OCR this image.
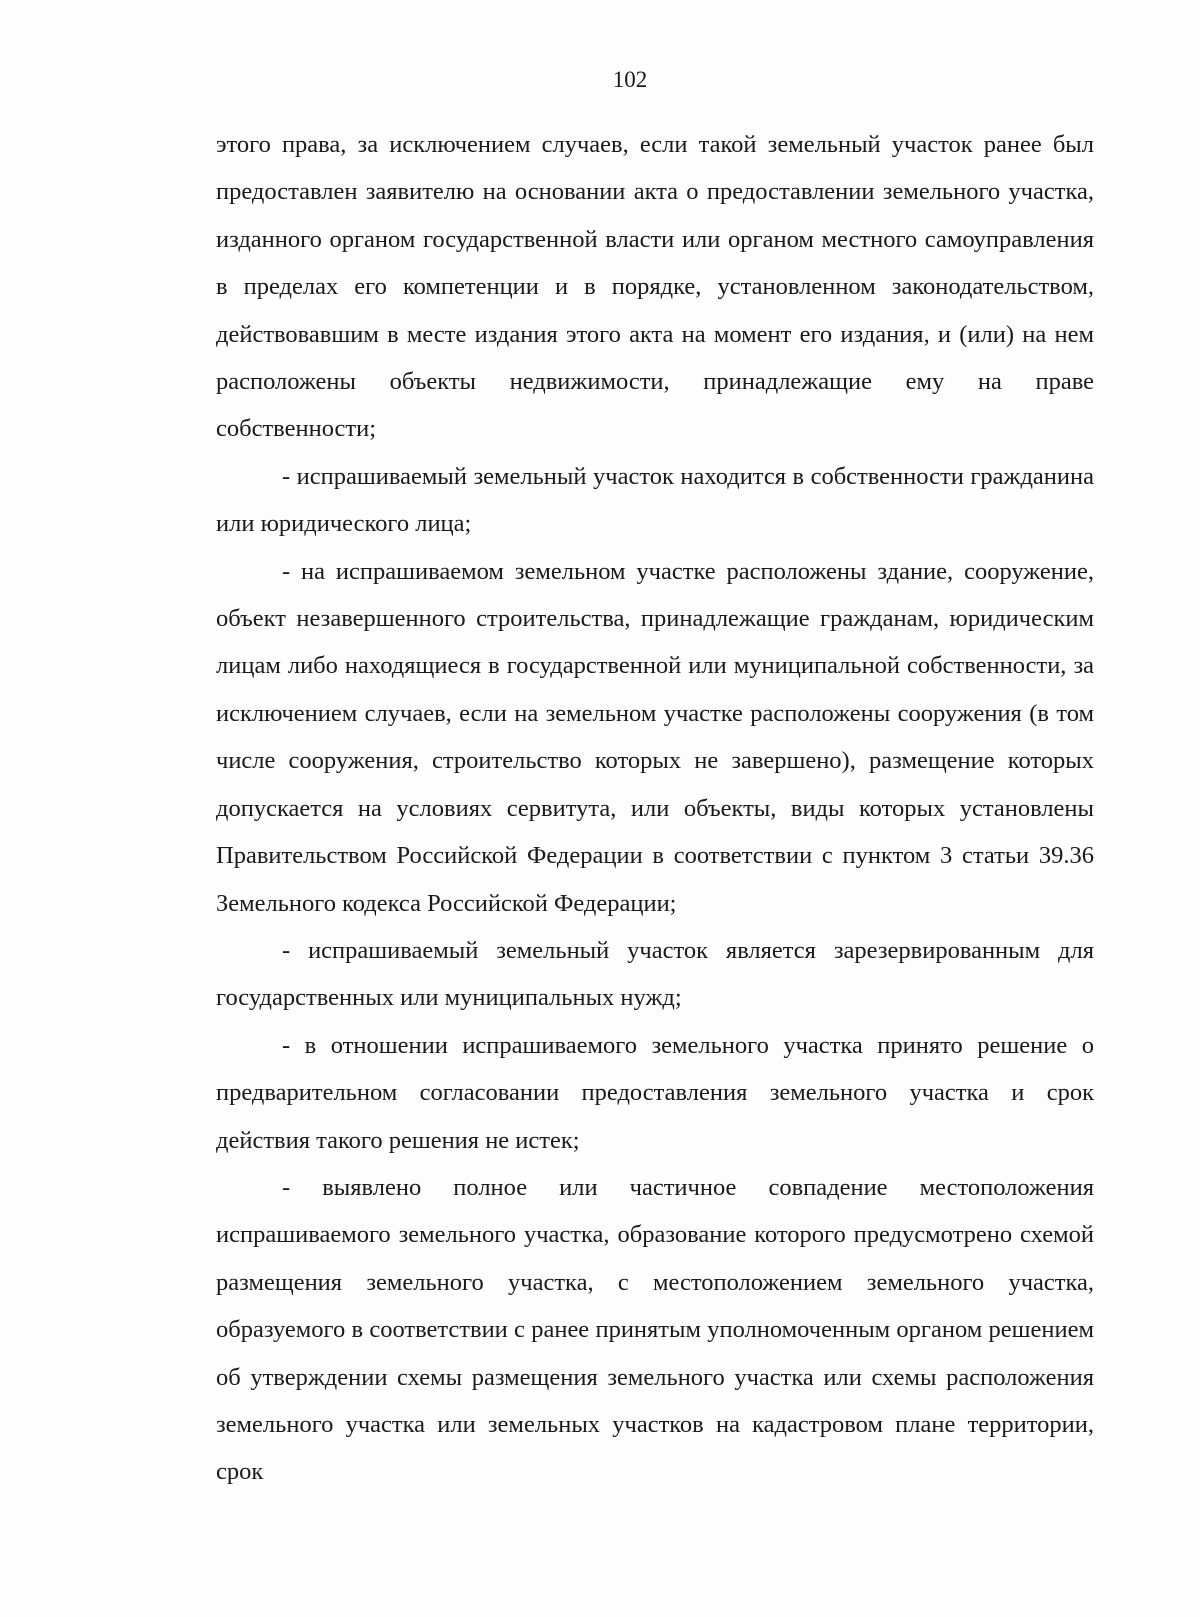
102

этого права, за исключением случаев, если такой земельный участок ранее был предоставлен заявителю на основании акта о предоставлении земельного участка, изданного органом государственной власти или органом местного самоуправления в пределах его компетенции и в порядке, установленном законодательством, действовавшим в месте издания этого акта на момент его издания, и (или) на нем расположены объекты недвижимости, принадлежащие ему на праве собственности;

- испрашиваемый земельный участок находится в собственности гражданина или юридического лица;

- на испрашиваемом земельном участке расположены здание, сооружение, объект незавершенного строительства, принадлежащие гражданам, юридическим лицам либо находящиеся в государственной или муниципальной собственности, за исключением случаев, если на земельном участке расположены сооружения (в том числе сооружения, строительство которых не завершено), размещение которых допускается на условиях сервитута, или объекты, виды которых установлены Правительством Российской Федерации в соответствии с пунктом 3 статьи 39.36 Земельного кодекса Российской Федерации;

- испрашиваемый земельный участок является зарезервированным для государственных или муниципальных нужд;

- в отношении испрашиваемого земельного участка принято решение о предварительном согласовании предоставления земельного участка и срок действия такого решения не истек;

- выявлено полное или частичное совпадение местоположения испрашиваемого земельного участка, образование которого предусмотрено схемой размещения земельного участка, с местоположением земельного участка, образуемого в соответствии с ранее принятым уполномоченным органом решением об утверждении схемы размещения земельного участка или схемы расположения земельного участка или земельных участков на кадастровом плане территории, срок
